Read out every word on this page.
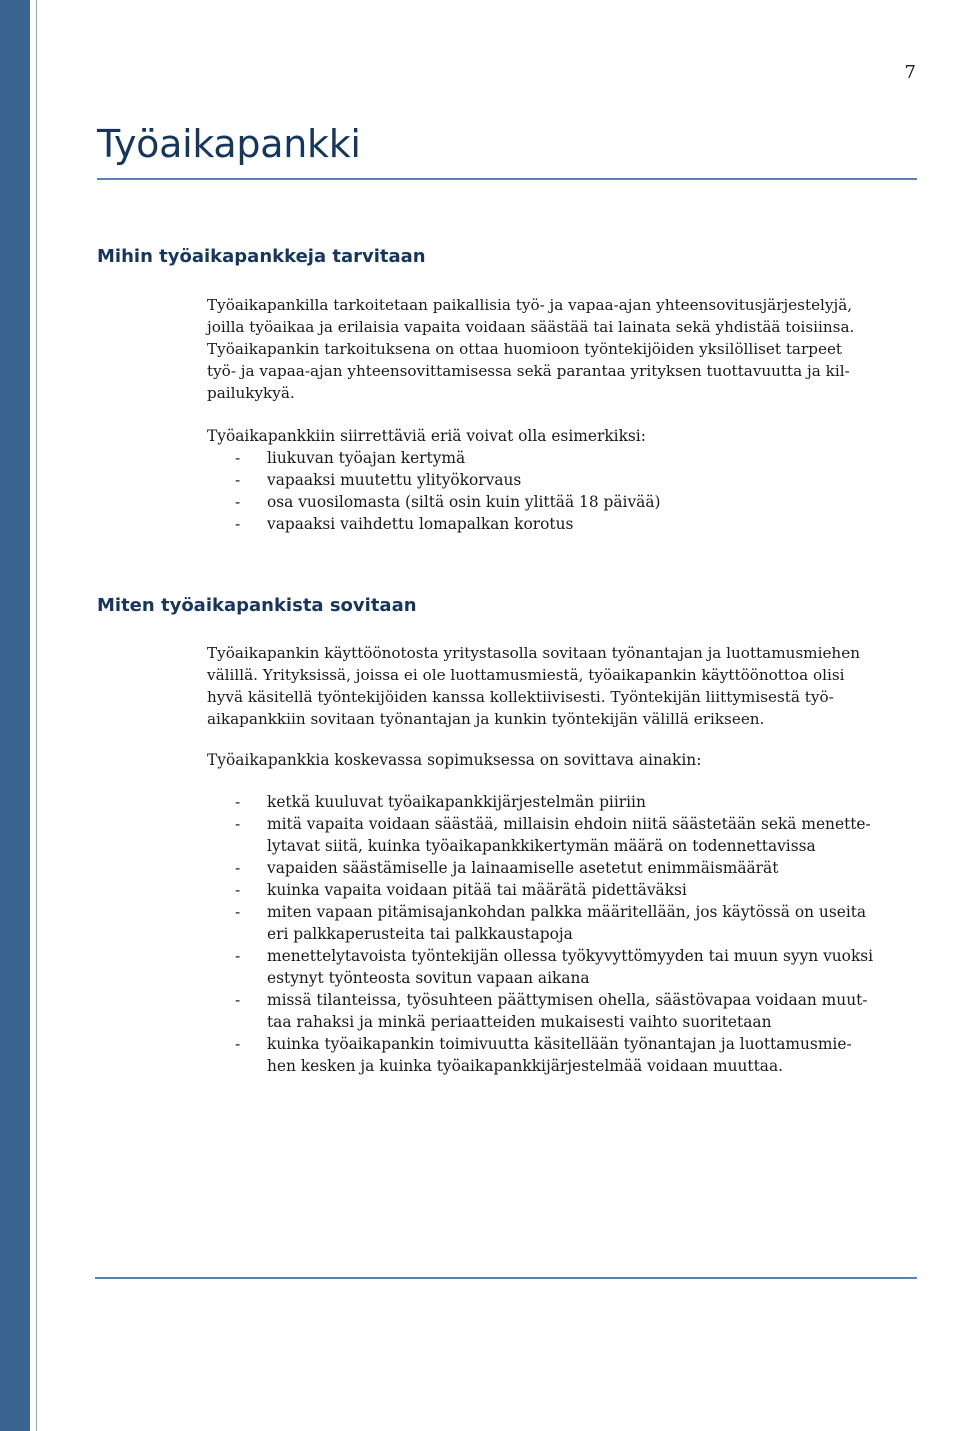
7
Työaikapankki
Mihin työaikapankkeja tarvitaan
Työaikapankilla tarkoitetaan paikallisia työ- ja vapaa-ajan yhteensovitusjärjestelyjä,
joilla työaikaa ja erilaisia vapaita voidaan säästää tai lainata sekä yhdistää toisiinsa.
Työaikapankin tarkoituksena on ottaa huomioon työntekijöiden yksilölliset tarpeet
työ- ja vapaa-ajan yhteensovittamisessa sekä parantaa yrityksen tuottavuutta ja kil-
pailukykyä.
Työaikapankkiin siirrettäviä eriä voivat olla esimerkiksi:
- liukuvan työajan kertymä
- vapaaksi muutettu ylityökorvaus
- osa vuosilomasta (siltä osin kuin ylittää 18 päivää)
- vapaaksi vaihdettu lomapalkan korotus
Miten työaikapankista sovitaan
Työaikapankin käyttöönotosta yritystasolla sovitaan työnantajan ja luottamusmiehen
välillä. Yrityksissä, joissa ei ole luottamusmiestä, työaikapankin käyttöönottoa olisi
hyvä käsitellä työntekijöiden kanssa kollektiivisesti. Työntekijän liittymisestä työ-
aikapankkiin sovitaan työnantajan ja kunkin työntekijän välillä erikseen.
Työaikapankkia koskevassa sopimuksessa on sovittava ainakin:
- ketkä kuuluvat työaikapankkijärjestelmän piiriin
- mitä vapaita voidaan säästää, millaisin ehdoin niitä säästetään sekä menette-
lytavat siitä, kuinka työaikapankkikertymän määrä on todennettavissa
- vapaiden säästämiselle ja lainaamiselle asetetut enimmäismäärät
- kuinka vapaita voidaan pitää tai määrätä pidettäväksi
- miten vapaan pitämisajankohdan palkka määritellään, jos käytössä on useita
eri palkkaperusteita tai palkkaustapoja
- menettelytavoista työntekijän ollessa työkyvyttömyyden tai muun syyn vuoksi
estynyt työnteosta sovitun vapaan aikana
- missä tilanteissa, työsuhteen päättymisen ohella, säästövapaa voidaan muut-
taa rahaksi ja minkä periaatteiden mukaisesti vaihto suoritetaan
- kuinka työaikapankin toimivuutta käsitellään työnantajan ja luottamusmie-
hen kesken ja kuinka työaikapankkijärjestelmää voidaan muuttaa.
